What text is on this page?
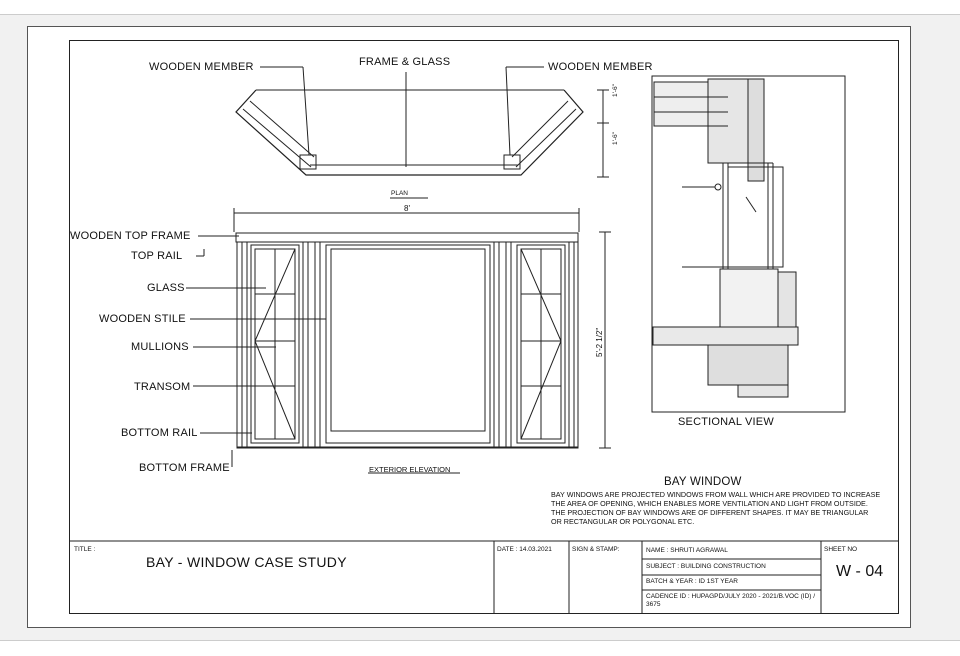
WOODEN MEMBER	FRAME & GLASS	WOODEN MEMBER
PLAN
1'-6"
1'-6"
8'
5'-2 1/2"
WOODEN TOP FRAME
TOP RAIL
GLASS
WOODEN STILE
MULLIONS
TRANSOM
BOTTOM RAIL
BOTTOM FRAME	EXTERIOR ELEVATION
SECTIONAL VIEW
BAY WINDOW
BAY WINDOWS ARE PROJECTED WINDOWS FROM WALL WHICH ARE PROVIDED TO INCREASE THE AREA OF OPENING, WHICH ENABLES MORE VENTILATION AND LIGHT FROM OUTSIDE. THE PROJECTION OF BAY WINDOWS ARE OF DIFFERENT SHAPES. IT MAY BE TRIANGULAR OR RECTANGULAR OR POLYGONAL ETC.
TITLE :
BAY - WINDOW CASE STUDY
DATE : 14.03.2021	SIGN & STAMP:	NAME : SHRUTI AGRAWAL
SUBJECT : BUILDING CONSTRUCTION
BATCH & YEAR : ID 1ST YEAR
CADENCE ID : HUPAGPD/JULY 2020 - 2021/B.VOC (ID) / 3675
SHEET NO
W - 04
